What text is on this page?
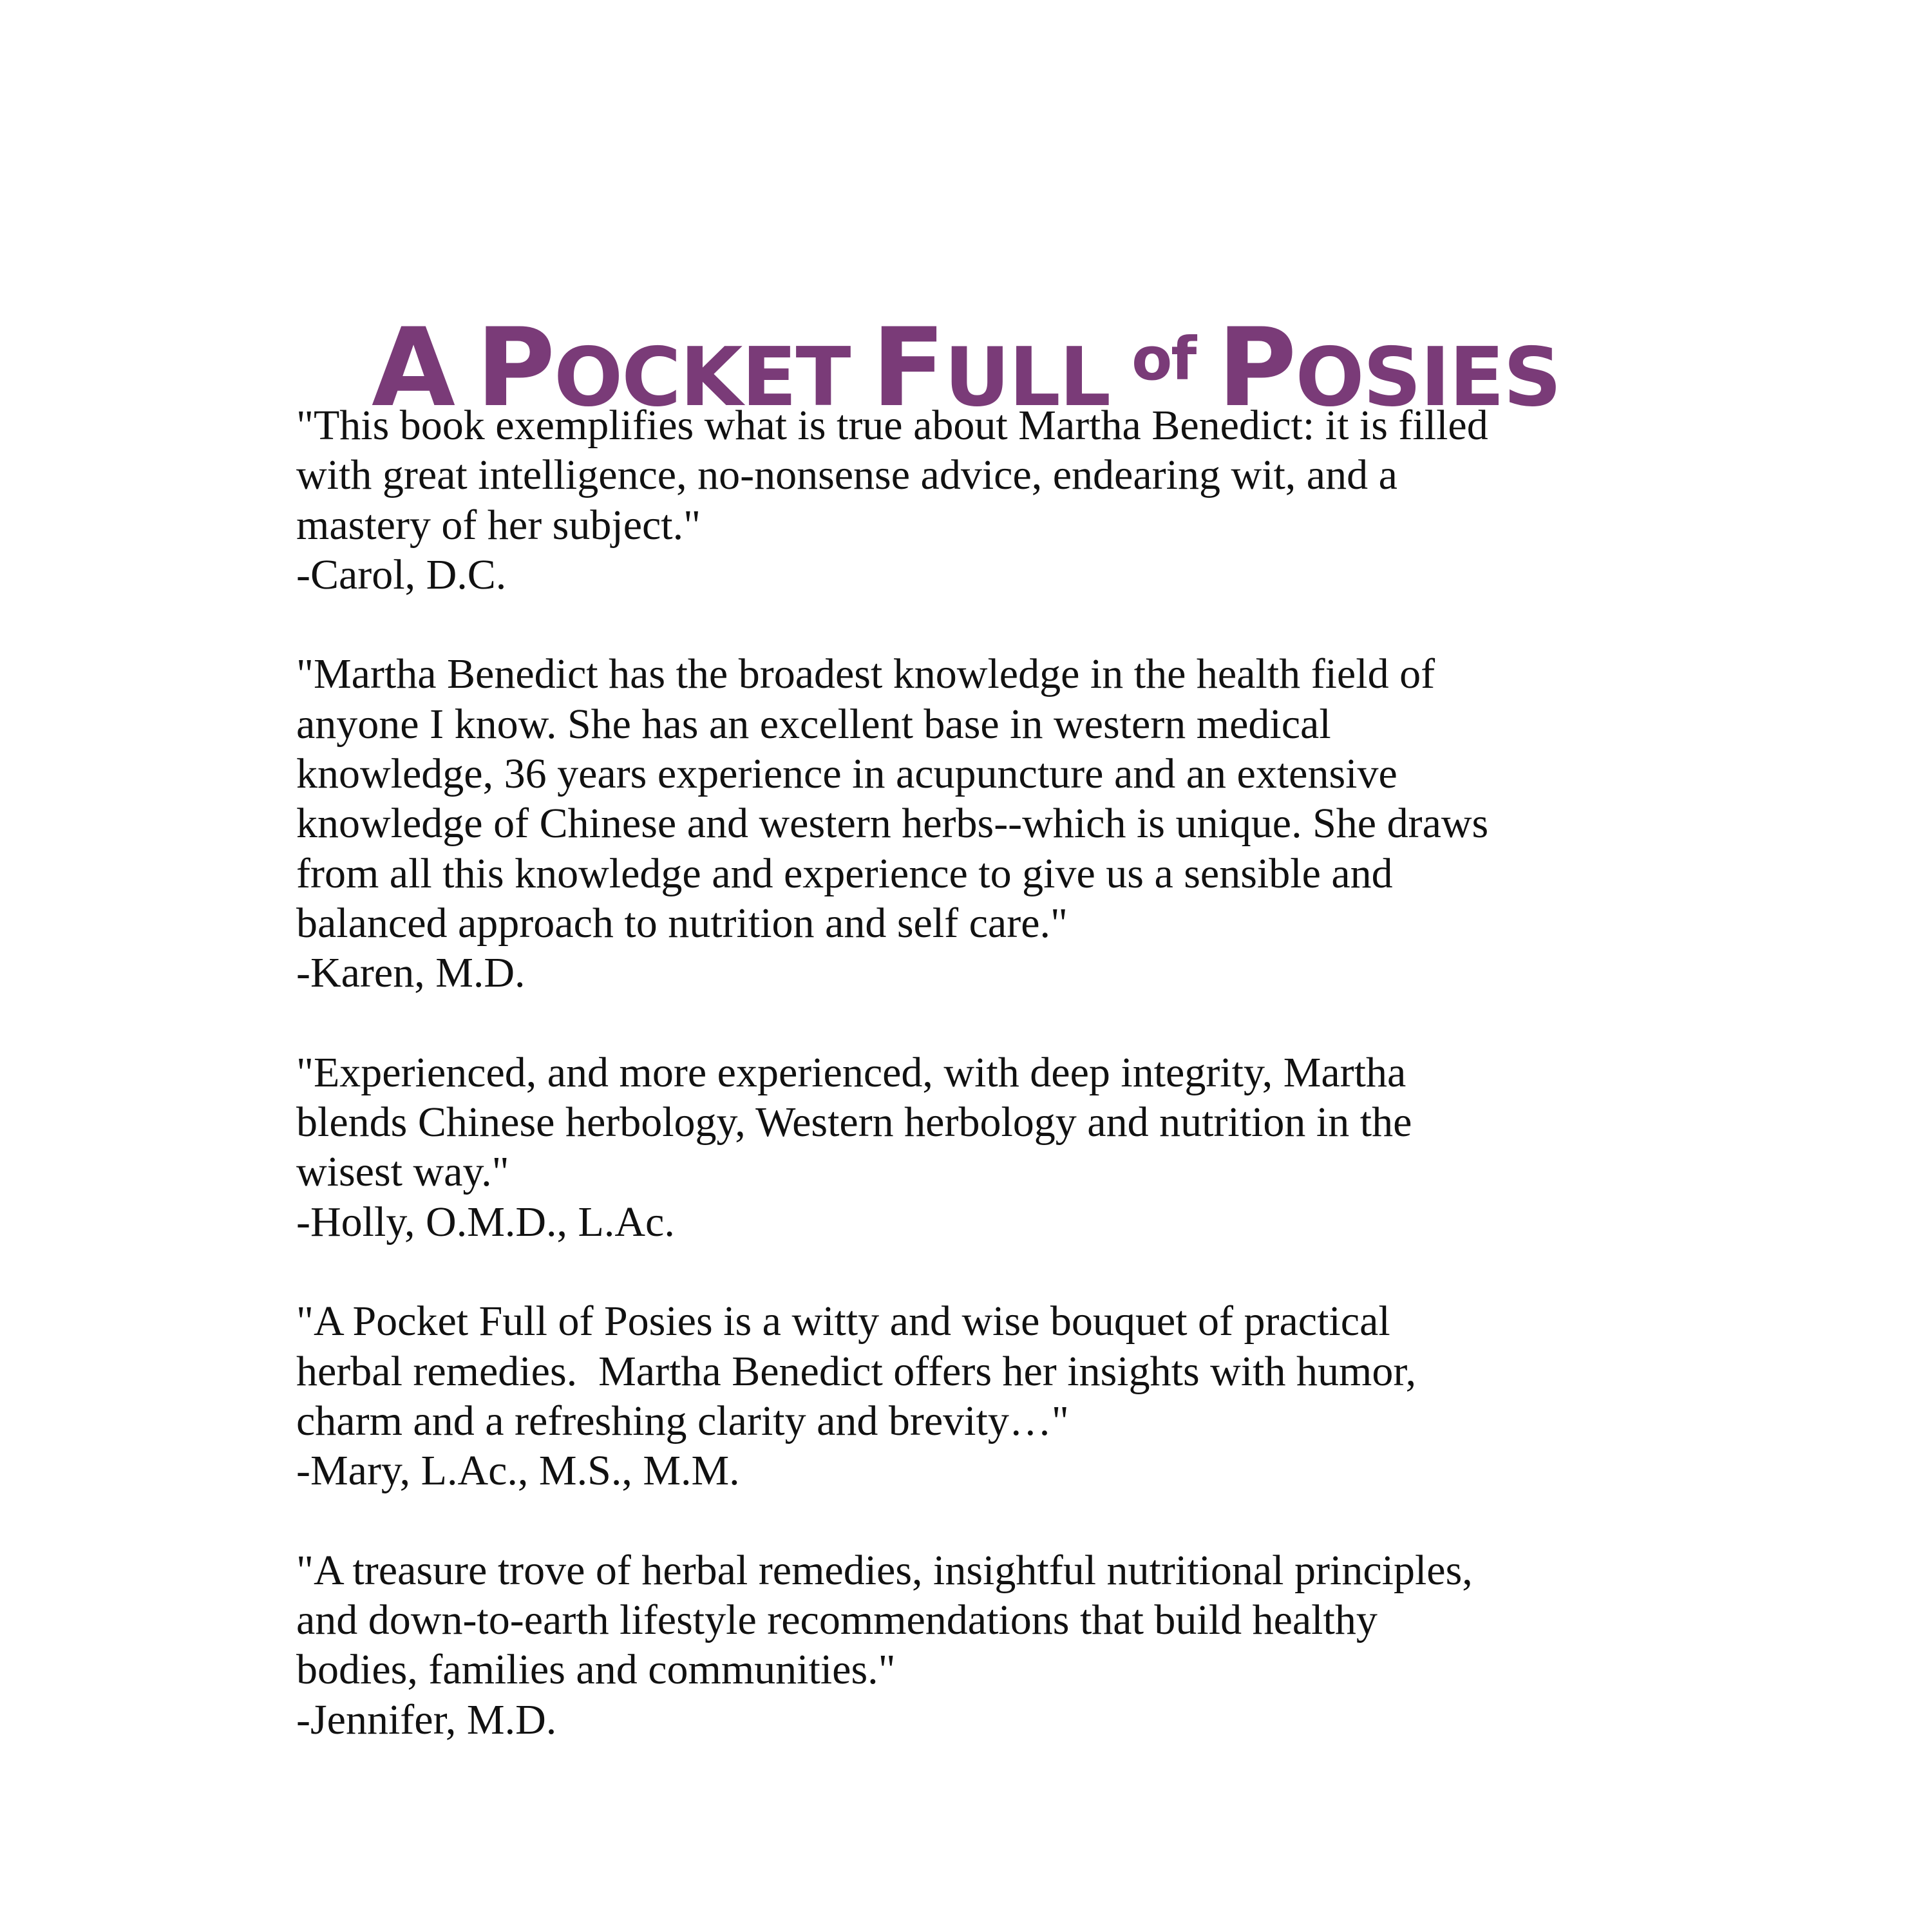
A POCKET FULL $^{of}$ POSIES
"This book exemplifies what is true about Martha Benedict: it is filled
with great intelligence, no-nonsense advice, endearing wit, and a
mastery of her subject."
-Carol, D.C.
"Martha Benedict has the broadest knowledge in the health field of
anyone I know. She has an excellent base in western medical
knowledge, 36 years experience in acupuncture and an extensive
knowledge of Chinese and western herbs--which is unique. She draws
from all this knowledge and experience to give us a sensible and
balanced approach to nutrition and self care."
-Karen, M.D.
"Experienced, and more experienced, with deep integrity, Martha
blends Chinese herbology, Western herbology and nutrition in the
wisest way."
-Holly, O.M.D., L.Ac.
"A Pocket Full of Posies is a witty and wise bouquet of practical
herbal remedies.  Martha Benedict offers her insights with humor,
charm and a refreshing clarity and brevity…"
-Mary, L.Ac., M.S., M.M.
"A treasure trove of herbal remedies, insightful nutritional principles,
and down-to-earth lifestyle recommendations that build healthy
bodies, families and communities."
-Jennifer, M.D.
